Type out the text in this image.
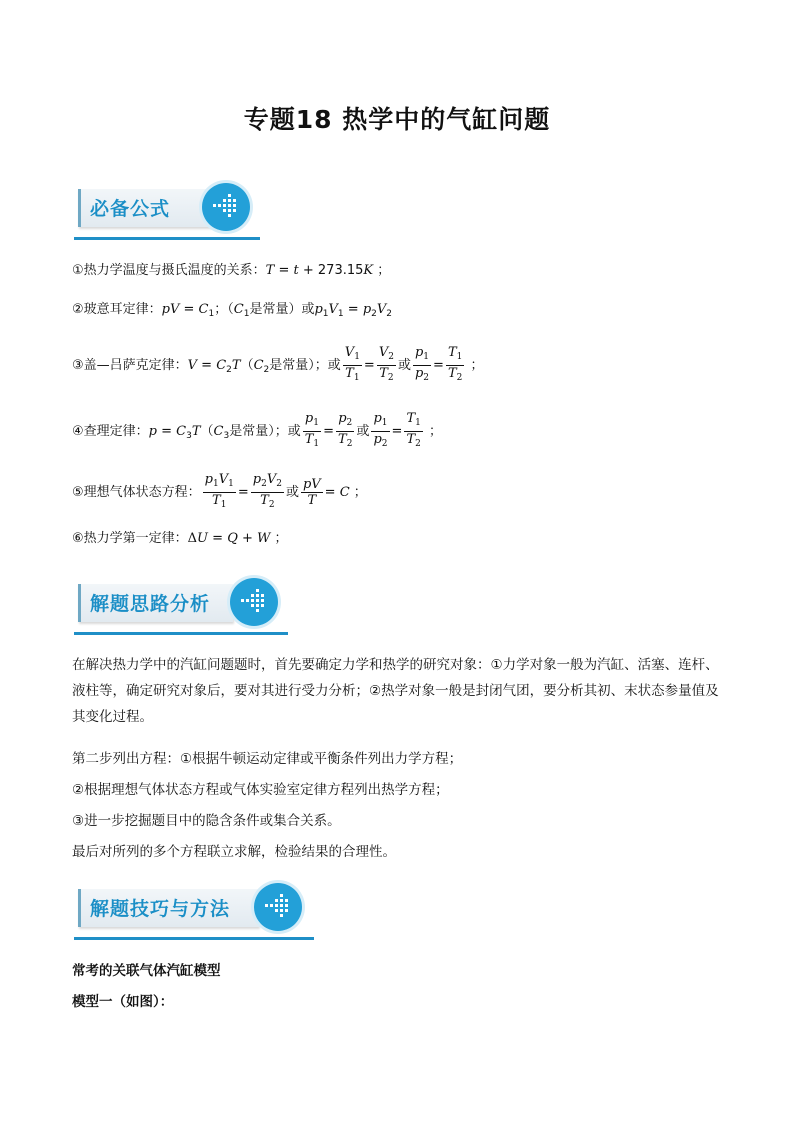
专题18 热学中的气缸问题
必备公式
①热力学温度与摄氏温度的关系：T = t + 273.15K ；
②玻意耳定律：pV = $C_1$；（$C_1$是常量）或$p_1V_1 = p_2V_2$
③盖—吕萨克定律：$V = C_2T(C_2$是常量）；或 $\frac{V_1}{T_1} = \frac{V_2}{T_2}$ 或 $\frac{p_1}{p_2} = \frac{T_1}{T_2}$ ；
④查理定律：$p = C_3T(C_3$是常量）；或 $\frac{p_1}{T_1} = \frac{p_2}{T_2}$ 或 $\frac{p_1}{p_2} = \frac{T_1}{T_2}$ ；
⑤理想气体状态方程： $\frac{p_1V_1}{T_1} = \frac{p_2V_2}{T_2}$ 或 $\frac{pV}{T} = C$ ；
⑥热力学第一定律：ΔU = Q + W ；
解题思路分析
在解决热力学中的汽缸问题题时，首先要确定力学和热学的研究对象：①力学对象一般为汽缸、活塞、连杆、液柱等，确定研究对象后，要对其进行受力分析；②热学对象一般是封闭气团，要分析其初、末状态参量值及其变化过程。
第二步列出方程：①根据牛顿运动定律或平衡条件列出力学方程；
②根据理想气体状态方程或气体实验室定律方程列出热学方程；
③进一步挖掘题目中的隐含条件或集合关系。
最后对所列的多个方程联立求解，检验结果的合理性。
解题技巧与方法
常考的关联气体汽缸模型
模型一（如图）：
